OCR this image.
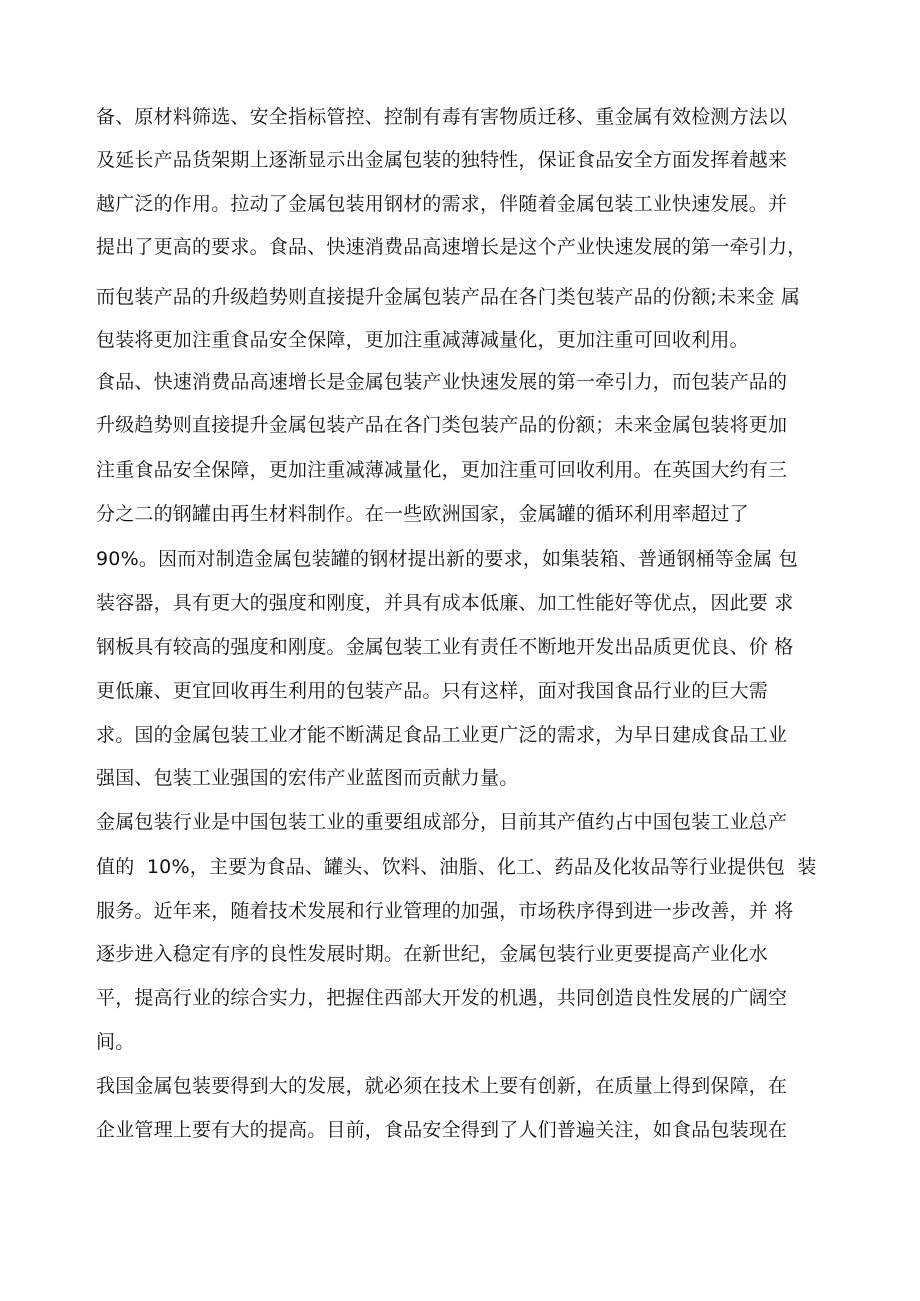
备、原材料筛选、安全指标管控、控制有毒有害物质迁移、重金属有效检测方法以
及延长产品货架期上逐渐显示出金属包装的独特性，保证食品安全方面发挥着越来
越广泛的作用。拉动了金属包装用钢材的需求，伴随着金属包装工业快速发展。并
提出了更高的要求。食品、快速消费品高速增长是这个产业快速发展的第一牵引力，
而包装产品的升级趋势则直接提升金属包装产品在各门类包装产品的份额;未来金 属
包装将更加注重食品安全保障，更加注重减薄减量化，更加注重可回收利用。
食品、快速消费品高速增长是金属包装产业快速发展的第一牵引力，而包装产品的
升级趋势则直接提升金属包装产品在各门类包装产品的份额；未来金属包装将更加
注重食品安全保障，更加注重减薄减量化，更加注重可回收利用。在英国大约有三
分之二的钢罐由再生材料制作。在一些欧洲国家，金属罐的循环利用率超过了
90%。因而对制造金属包装罐的钢材提出新的要求，如集装箱、普通钢桶等金属 包
装容器，具有更大的强度和刚度，并具有成本低廉、加工性能好等优点，因此要 求
钢板具有较高的强度和刚度。金属包装工业有责任不断地开发出品质更优良、价 格
更低廉、更宜回收再生利用的包装产品。只有这样，面对我国食品行业的巨大需
求。国的金属包装工业才能不断满足食品工业更广泛的需求，为早日建成食品工业
强国、包装工业强国的宏伟产业蓝图而贡献力量。
金属包装行业是中国包装工业的重要组成部分，目前其产值约占中国包装工业总产
值的  10%，主要为食品、罐头、饮料、油脂、化工、药品及化妆品等行业提供包  装
服务。近年来，随着技术发展和行业管理的加强，市场秩序得到进一步改善，并 将
逐步进入稳定有序的良性发展时期。在新世纪，金属包装行业更要提高产业化水
平，提高行业的综合实力，把握住西部大开发的机遇，共同创造良性发展的广阔空
间。
我国金属包装要得到大的发展，就必须在技术上要有创新，在质量上得到保障，在
企业管理上要有大的提高。目前，食品安全得到了人们普遍关注，如食品包装现在
